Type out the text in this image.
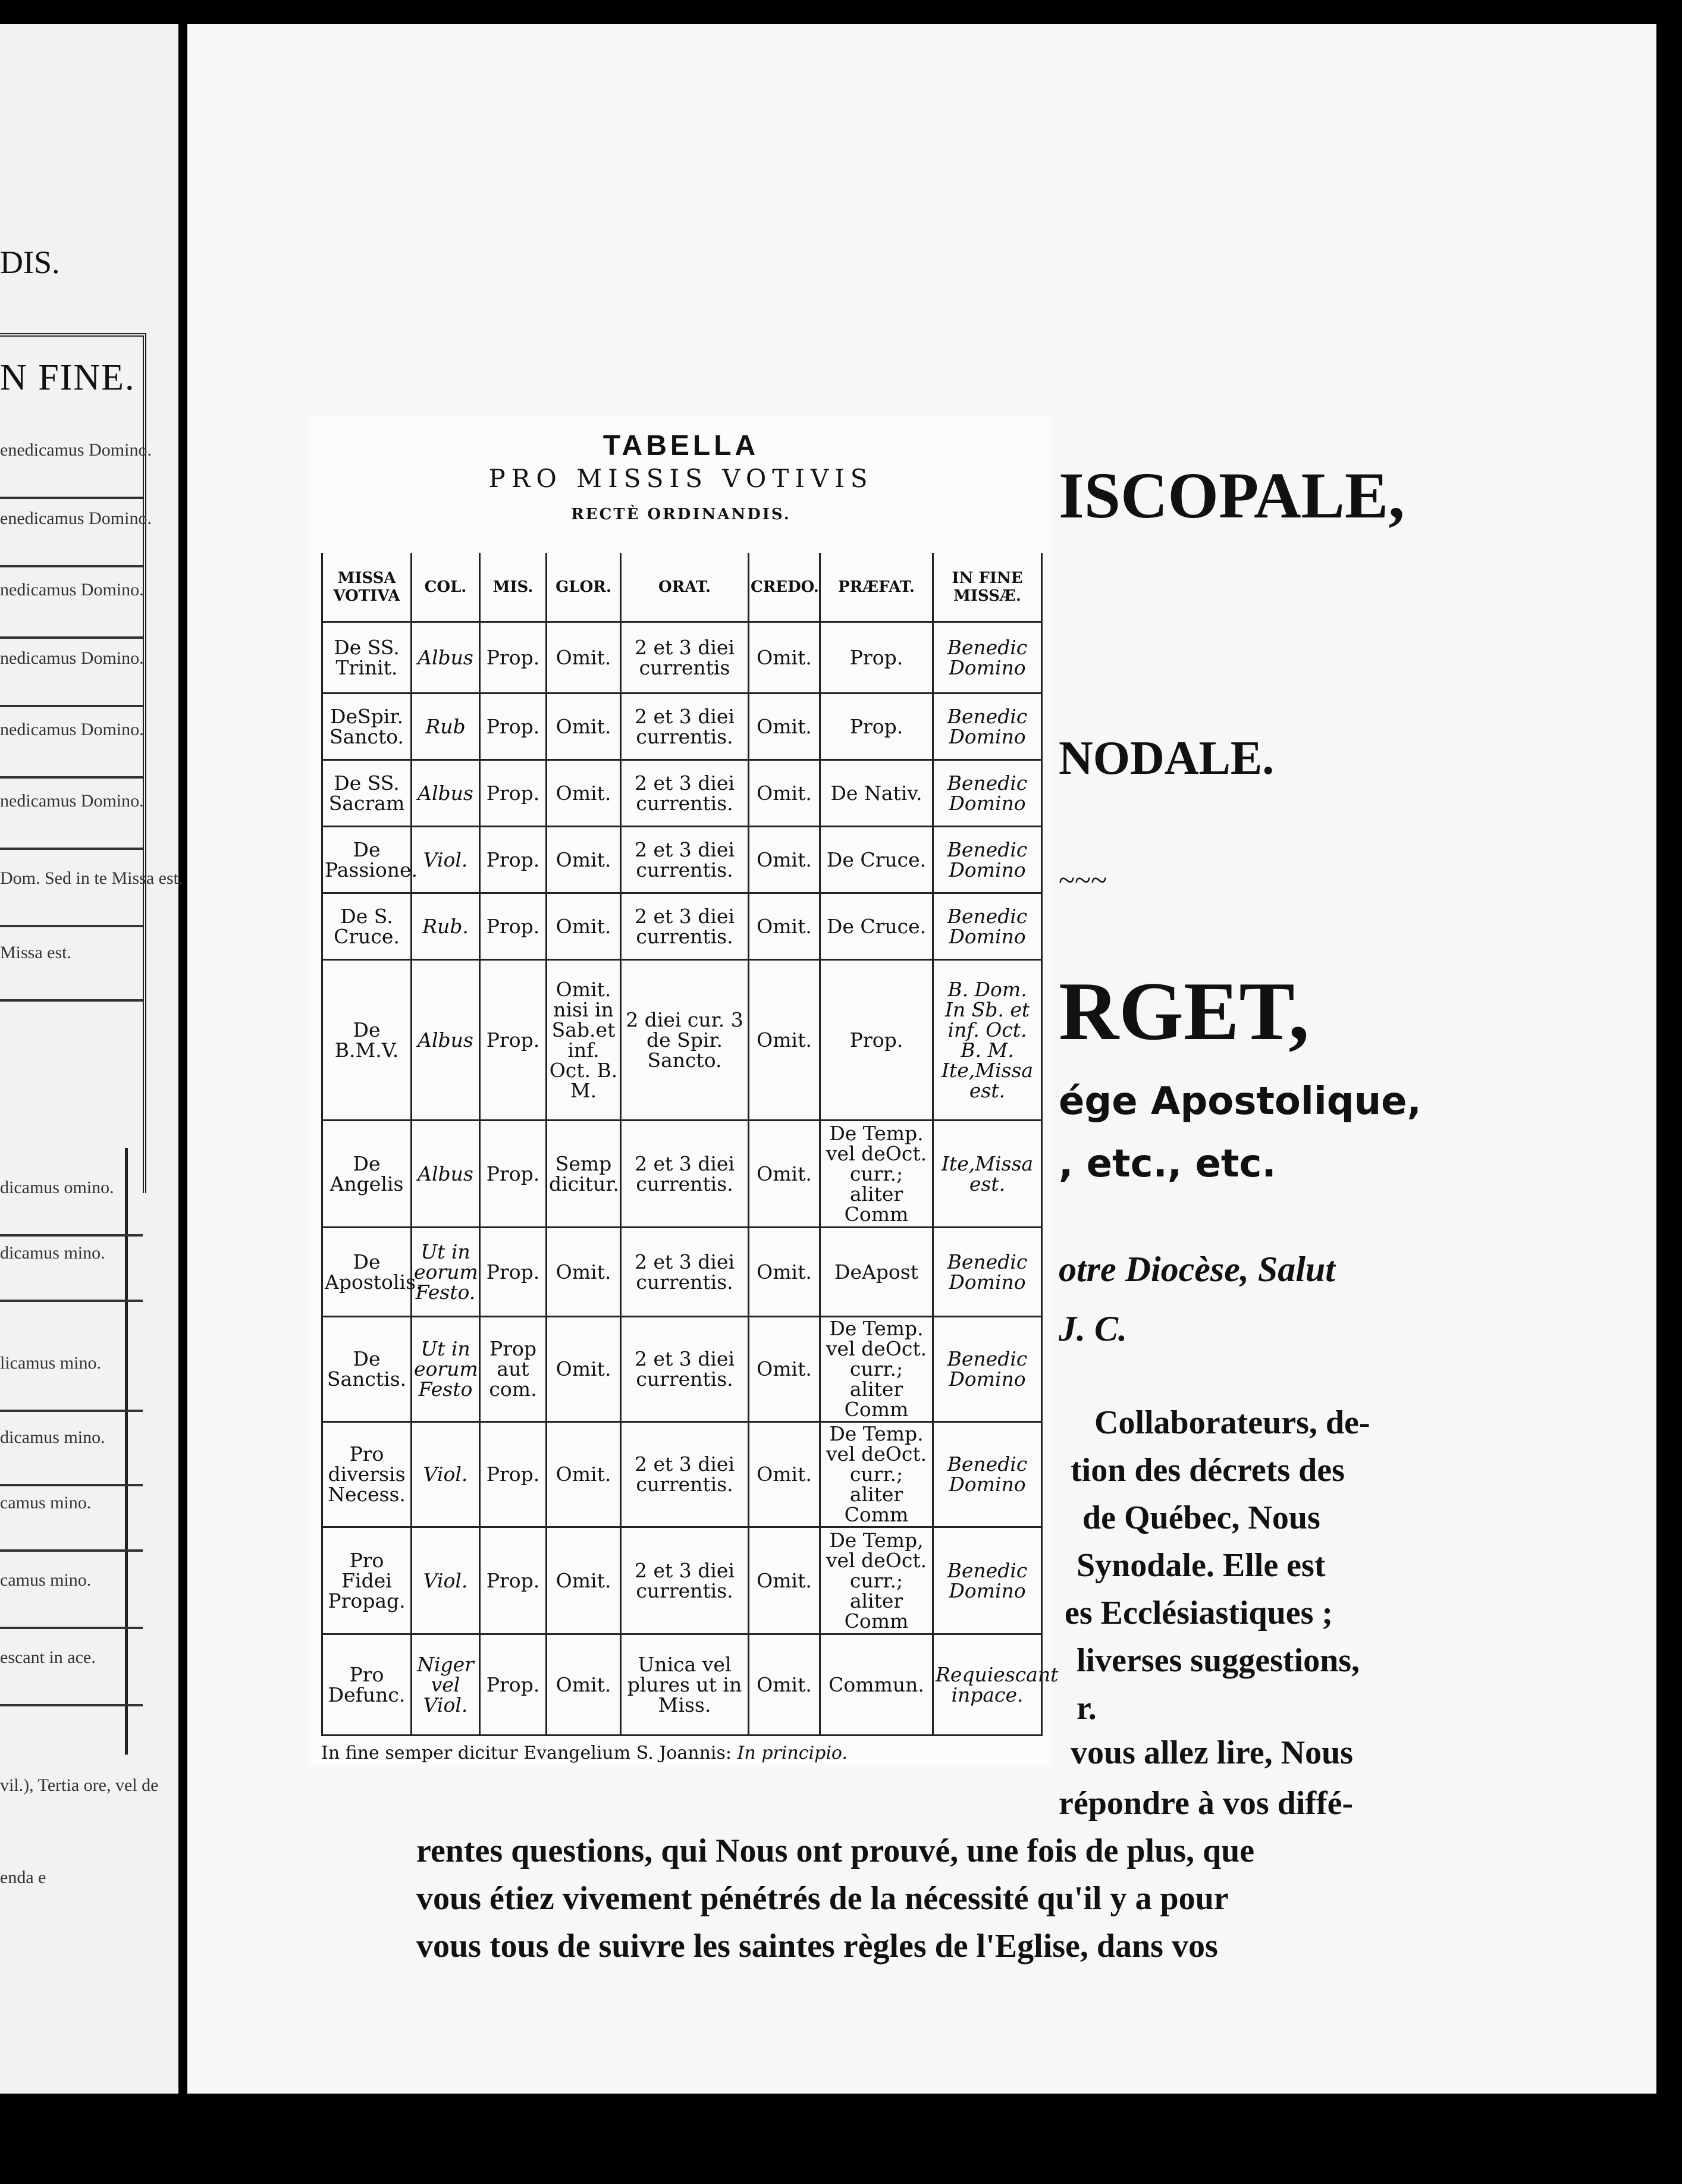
DIS.
N FINE.
enedicamus Domino.
enedicamus Domino.
nedicamus Domino.
nedicamus Domino.
nedicamus Domino.
nedicamus Domino.
Dom. Sed in te Missa est.
Missa est.
dicamus omino.
dicamus mino.
licamus mino.
dicamus mino.
camus mino.
camus mino.
escant in ace.
vil.), Tertia ore, vel de
enda e
ISCOPALE,
NODALE.
~~~
RGET,
ége Apostolique,
, etc., etc.
otre Diocèse, Salut
J. C.
Collaborateurs, de-
tion des décrets des
de Québec, Nous
Synodale. Elle est
es Ecclésiastiques ;
liverses suggestions,
r.
vous allez lire, Nous
répondre à vos diffé-
rentes questions, qui Nous ont prouvé, une fois de plus, que
vous étiez vivement pénétrés de la nécessité qu'il y a pour
vous tous de suivre les saintes règles de l'Eglise, dans vos
TABELLA
PRO MISSIS VOTIVIS
RECTÈ ORDINANDIS.
MISSA VOTIVA	COL.	MIS.	GLOR.	ORAT.	CREDO.	PRÆFAT.	IN FINE MISSÆ.
De SS. Trinit.	Albus	Prop.	Omit.	2 et 3 diei currentis	Omit.	Prop.	Benedic Domino
DeSpir. Sancto.	Rub	Prop.	Omit.	2 et 3 diei currentis.	Omit.	Prop.	Benedic Domino
De SS. Sacram	Albus	Prop.	Omit.	2 et 3 diei currentis.	Omit.	De Nativ.	Benedic Domino
De Passione.	Viol.	Prop.	Omit.	2 et 3 diei currentis.	Omit.	De Cruce.	Benedic Domino
De S. Cruce.	Rub.	Prop.	Omit.	2 et 3 diei currentis.	Omit.	De Cruce.	Benedic Domino
De B.M.V.	Albus	Prop.	Omit. nisi in Sab.et inf. Oct. B. M.	2 diei cur. 3 de Spir. Sancto.	Omit.	Prop.	B. Dom. In Sb. et inf. Oct. B. M. Ite,Missa est.
De Angelis	Albus	Prop.	Semp dicitur.	2 et 3 diei currentis.	Omit.	De Temp. vel deOct. curr.; aliter Comm	Ite,Missa est.
De Apostolis.	Ut in eorum Festo.	Prop.	Omit.	2 et 3 diei currentis.	Omit.	DeApost	Benedic Domino
De Sanctis.	Ut in eorum Festo	Prop aut com.	Omit.	2 et 3 diei currentis.	Omit.	De Temp. vel deOct. curr.; aliter Comm	Benedic Domino
Pro diversis Necess.	Viol.	Prop.	Omit.	2 et 3 diei currentis.	Omit.	De Temp. vel deOct. curr.; aliter Comm	Benedic Domino
Pro Fidei Propag.	Viol.	Prop.	Omit.	2 et 3 diei currentis.	Omit.	De Temp, vel deOct. curr.; aliter Comm	Benedic Domino
Pro Defunc.	Niger vel Viol.	Prop.	Omit.	Unica vel plures ut in Miss.	Omit.	Commun.	Requiescant inpace.
In fine semper dicitur Evangelium S. Joannis: In principio.
